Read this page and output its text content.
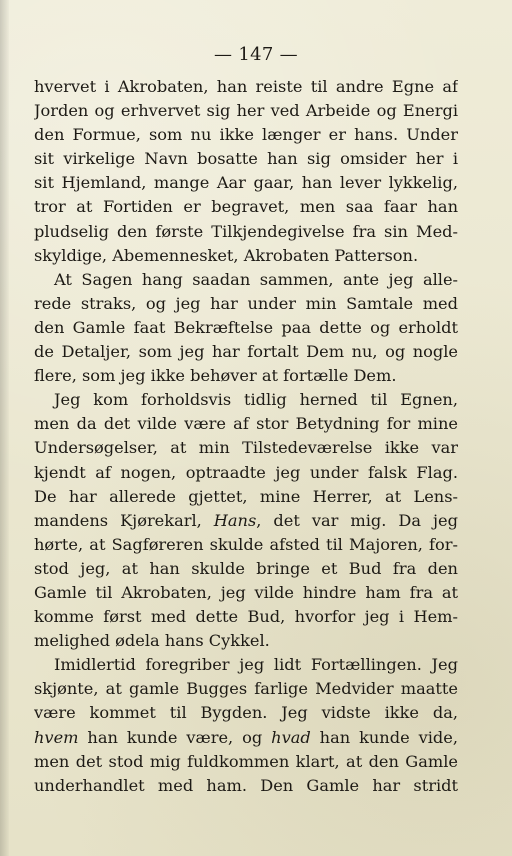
— 147 —
hvervet i Akrobaten, han reiste til andre Egne af
Jorden og erhvervet sig her ved Arbeide og Energi
den Formue, som nu ikke længer er hans. Under
sit virkelige Navn bosatte han sig omsider her i
sit Hjemland, mange Aar gaar, han lever lykkelig,
tror at Fortiden er begravet, men saa faar han
pludselig den første Tilkjendegivelse fra sin Med-
skyldige, Abemennesket, Akrobaten Patterson.
At Sagen hang saadan sammen, ante jeg alle-
rede straks, og jeg har under min Samtale med
den Gamle faat Bekræftelse paa dette og erholdt
de Detaljer, som jeg har fortalt Dem nu, og nogle
flere, som jeg ikke behøver at fortælle Dem.
Jeg kom forholdsvis tidlig herned til Egnen,
men da det vilde være af stor Betydning for mine
Undersøgelser, at min Tilstedeværelse ikke var
kjendt af nogen, optraadte jeg under falsk Flag.
De har allerede gjettet, mine Herrer, at Lens-
mandens Kjørekarl, Hans, det var mig. Da jeg
hørte, at Sagføreren skulde afsted til Majoren, for-
stod jeg, at han skulde bringe et Bud fra den
Gamle til Akrobaten, jeg vilde hindre ham fra at
komme først med dette Bud, hvorfor jeg i Hem-
melighed ødela hans Cykkel.
Imidlertid foregriber jeg lidt Fortællingen. Jeg
skjønte, at gamle Bugges farlige Medvider maatte
være kommet til Bygden. Jeg vidste ikke da,
hvem han kunde være, og hvad han kunde vide,
men det stod mig fuldkommen klart, at den Gamle
underhandlet med ham. Den Gamle har stridt
